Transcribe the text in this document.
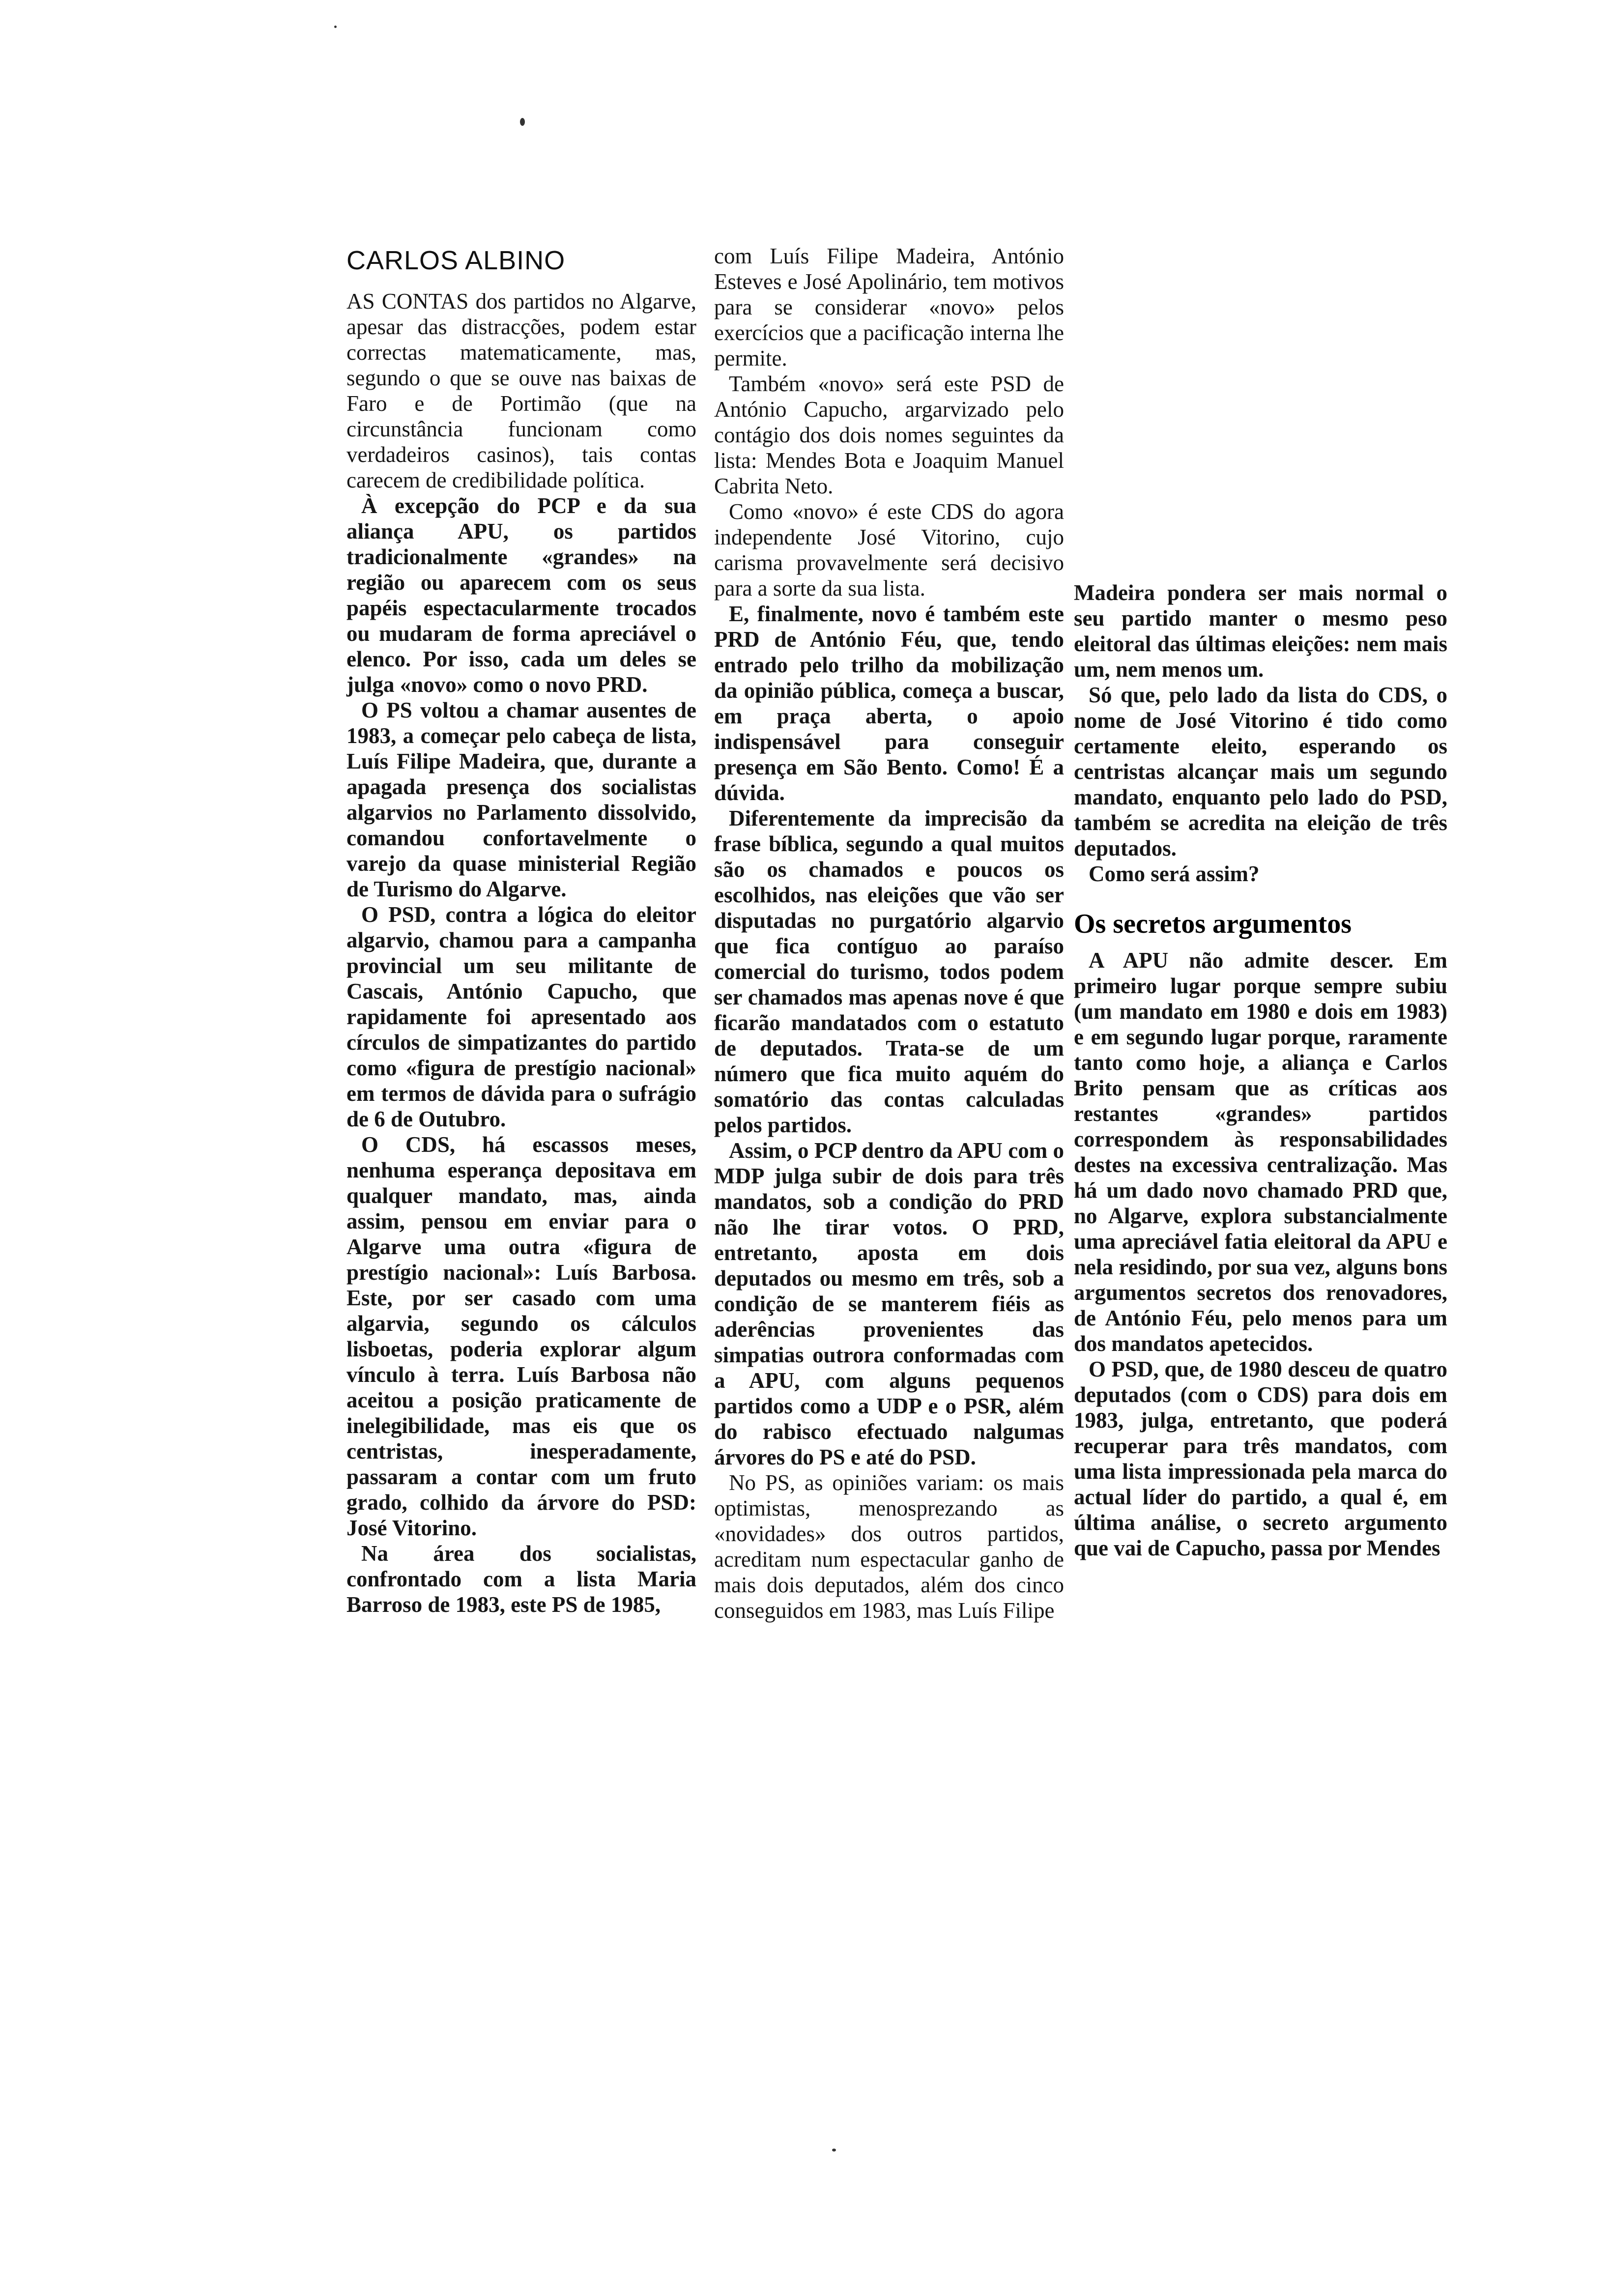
CARLOS ALBINO

AS CONTAS dos partidos no Algarve, apesar das distracções, podem estar correctas matematicamente, mas, segundo o que se ouve nas baixas de Faro e de Portimão (que na circunstância funcionam como verdadeiros casinos), tais contas carecem de credibilidade política.

À excepção do PCP e da sua aliança APU, os partidos tradicionalmente «grandes» na região ou aparecem com os seus papéis espectacularmente trocados ou mudaram de forma apreciável o elenco. Por isso, cada um deles se julga «novo» como o novo PRD.

O PS voltou a chamar ausentes de 1983, a começar pelo cabeça de lista, Luís Filipe Madeira, que, durante a apagada presença dos socialistas algarvios no Parlamento dissolvido, comandou confortavelmente o varejo da quase ministerial Região de Turismo do Algarve.

O PSD, contra a lógica do eleitor algarvio, chamou para a campanha provincial um seu militante de Cascais, António Capucho, que rapidamente foi apresentado aos círculos de simpatizantes do partido como «figura de prestígio nacional» em termos de dávida para o sufrágio de 6 de Outubro.

O CDS, há escassos meses, nenhuma esperança depositava em qualquer mandato, mas, ainda assim, pensou em enviar para o Algarve uma outra «figura de prestígio nacional»: Luís Barbosa. Este, por ser casado com uma algarvia, segundo os cálculos lisboetas, poderia explorar algum vínculo à terra. Luís Barbosa não aceitou a posição praticamente de inelegibilidade, mas eis que os centristas, inesperadamente, passaram a contar com um fruto grado, colhido da árvore do PSD: José Vitorino.

Na área dos socialistas, confrontado com a lista Maria Barroso de 1983, este PS de 1985,

com Luís Filipe Madeira, António Esteves e José Apolinário, tem motivos para se considerar «novo» pelos exercícios que a pacificação interna lhe permite.

Também «novo» será este PSD de António Capucho, argarvizado pelo contágio dos dois nomes seguintes da lista: Mendes Bota e Joaquim Manuel Cabrita Neto.

Como «novo» é este CDS do agora independente José Vitorino, cujo carisma provavelmente será decisivo para a sorte da sua lista.

E, finalmente, novo é também este PRD de António Féu, que, tendo entrado pelo trilho da mobilização da opinião pública, começa a buscar, em praça aberta, o apoio indispensável para conseguir presença em São Bento. Como! É a dúvida.

Diferentemente da imprecisão da frase bíblica, segundo a qual muitos são os chamados e poucos os escolhidos, nas eleições que vão ser disputadas no purgatório algarvio que fica contíguo ao paraíso comercial do turismo, todos podem ser chamados mas apenas nove é que ficarão mandatados com o estatuto de deputados. Trata-se de um número que fica muito aquém do somatório das contas calculadas pelos partidos.

Assim, o PCP dentro da APU com o MDP julga subir de dois para três mandatos, sob a condição do PRD não lhe tirar votos. O PRD, entretanto, aposta em dois deputados ou mesmo em três, sob a condição de se manterem fiéis as aderências provenientes das simpatias outrora conformadas com a APU, com alguns pequenos partidos como a UDP e o PSR, além do rabisco efectuado nalgumas árvores do PS e até do PSD.

No PS, as opiniões variam: os mais optimistas, menosprezando as «novidades» dos outros partidos, acreditam num espectacular ganho de mais dois deputados, além dos cinco conseguidos em 1983, mas Luís Filipe

Madeira pondera ser mais normal o seu partido manter o mesmo peso eleitoral das últimas eleições: nem mais um, nem menos um.

Só que, pelo lado da lista do CDS, o nome de José Vitorino é tido como certamente eleito, esperando os centristas alcançar mais um segundo mandato, enquanto pelo lado do PSD, também se acredita na eleição de três deputados.

Como será assim?

Os secretos argumentos

A APU não admite descer. Em primeiro lugar porque sempre subiu (um mandato em 1980 e dois em 1983) e em segundo lugar porque, raramente tanto como hoje, a aliança e Carlos Brito pensam que as críticas aos restantes «grandes» partidos correspondem às responsabilidades destes na excessiva centralização. Mas há um dado novo chamado PRD que, no Algarve, explora substancialmente uma apreciável fatia eleitoral da APU e nela residindo, por sua vez, alguns bons argumentos secretos dos renovadores, de António Féu, pelo menos para um dos mandatos apetecidos.

O PSD, que, de 1980 desceu de quatro deputados (com o CDS) para dois em 1983, julga, entretanto, que poderá recuperar para três mandatos, com uma lista impressionada pela marca do actual líder do partido, a qual é, em última análise, o secreto argumento que vai de Capucho, passa por Mendes
